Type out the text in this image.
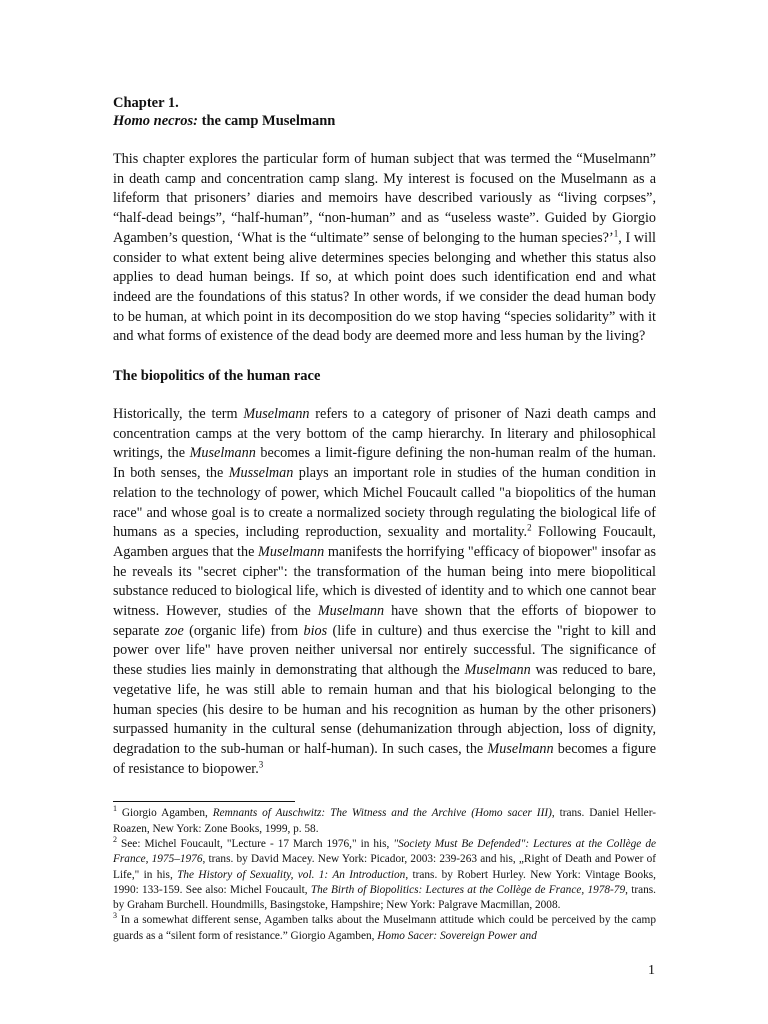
Chapter 1.
Homo necros: the camp Muselmann

This chapter explores the particular form of human subject that was termed the “Muselmann” in death camp and concentration camp slang. My interest is focused on the Muselmann as a lifeform that prisoners’ diaries and memoirs have described variously as “living corpses”, “half-dead beings”, “half-human”, “non-human” and as “useless waste”. Guided by Giorgio Agamben’s question, ‘What is the “ultimate” sense of belonging to the human species?’$^1$, I will consider to what extent being alive determines species belonging and whether this status also applies to dead human beings. If so, at which point does such identification end and what indeed are the foundations of this status? In other words, if we consider the dead human body to be human, at which point in its decomposition do we stop having “species solidarity” with it and what forms of existence of the dead body are deemed more and less human by the living?

The biopolitics of the human race

Historically, the term Muselmann refers to a category of prisoner of Nazi death camps and concentration camps at the very bottom of the camp hierarchy. In literary and philosophical writings, the Muselmann becomes a limit-figure defining the non-human realm of the human. In both senses, the Musselman plays an important role in studies of the human condition in relation to the technology of power, which Michel Foucault called "a biopolitics of the human race" and whose goal is to create a normalized society through regulating the biological life of humans as a species, including reproduction, sexuality and mortality.$^2$ Following Foucault, Agamben argues that the Muselmann manifests the horrifying "efficacy of biopower" insofar as he reveals its "secret cipher": the transformation of the human being into mere biopolitical substance reduced to biological life, which is divested of identity and to which one cannot bear witness. However, studies of the Muselmann have shown that the efforts of biopower to separate zoe (organic life) from bios (life in culture) and thus exercise the "right to kill and power over life" have proven neither universal nor entirely successful. The significance of these studies lies mainly in demonstrating that although the Muselmann was reduced to bare, vegetative life, he was still able to remain human and that his biological belonging to the human species (his desire to be human and his recognition as human by the other prisoners) surpassed humanity in the cultural sense (dehumanization through abjection, loss of dignity, degradation to the sub-human or half-human). In such cases, the Muselmann becomes a figure of resistance to biopower.$^3$

$^1$ Giorgio Agamben, Remnants of Auschwitz: The Witness and the Archive (Homo sacer III), trans. Daniel Heller-Roazen, New York: Zone Books, 1999, p. 58.

$^2$ See: Michel Foucault, "Lecture - 17 March 1976," in his, "Society Must Be Defended": Lectures at the Collège de France, 1975–1976, trans. by David Macey. New York: Picador, 2003: 239-263 and his, „Right of Death and Power of Life," in his, The History of Sexuality, vol. 1: An Introduction, trans. by Robert Hurley. New York: Vintage Books, 1990: 133-159. See also: Michel Foucault, The Birth of Biopolitics: Lectures at the Collège de France, 1978-79, trans. by Graham Burchell. Houndmills, Basingstoke, Hampshire; New York: Palgrave Macmillan, 2008.

$^3$ In a somewhat different sense, Agamben talks about the Muselmann attitude which could be perceived by the camp guards as a “silent form of resistance.” Giorgio Agamben, Homo Sacer: Sovereign Power and

1
